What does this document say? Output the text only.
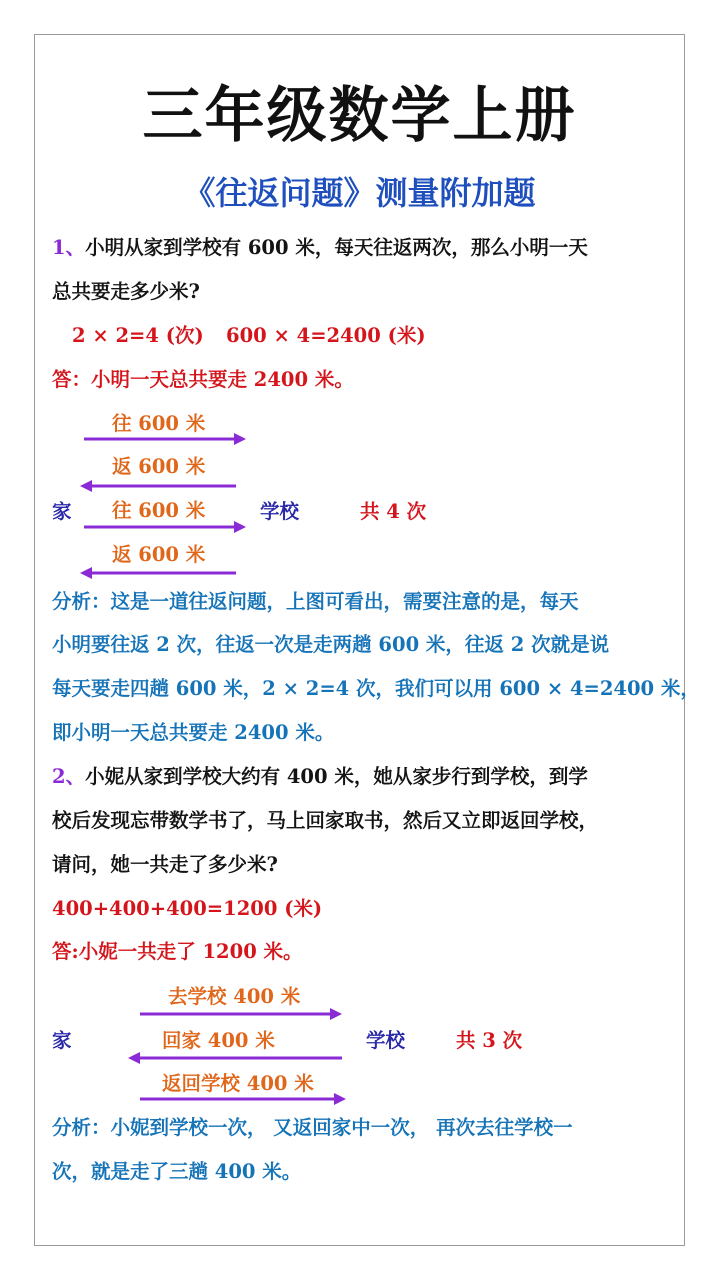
三年级数学上册
《往返问题》测量附加题
1、小明从家到学校有 600 米，每天往返两次，那么小明一天
总共要走多少米?
2 × 2=4 (次) 600 × 4=2400 (米)
答：小明一天总共要走 2400 米。
往 600 米
返 600 米
往 600 米
返 600 米
家	学校	共 4 次
分析：这是一道往返问题，上图可看出，需要注意的是，每天
小明要往返 2 次，往返一次是走两趟 600 米，往返 2 次就是说
每天要走四趟 600 米，2 × 2=4 次，我们可以用 600 × 4=2400 米，
即小明一天总共要走 2400 米。
2、小妮从家到学校大约有 400 米，她从家步行到学校，到学
校后发现忘带数学书了，马上回家取书，然后又立即返回学校，
请问，她一共走了多少米?
400+400+400=1200 (米)
答:小妮一共走了 1200 米。
去学校 400 米
回家 400 米
返回学校 400 米
家	学校	共 3 次
分析：小妮到学校一次， 又返回家中一次， 再次去往学校一
次，就是走了三趟 400 米。
